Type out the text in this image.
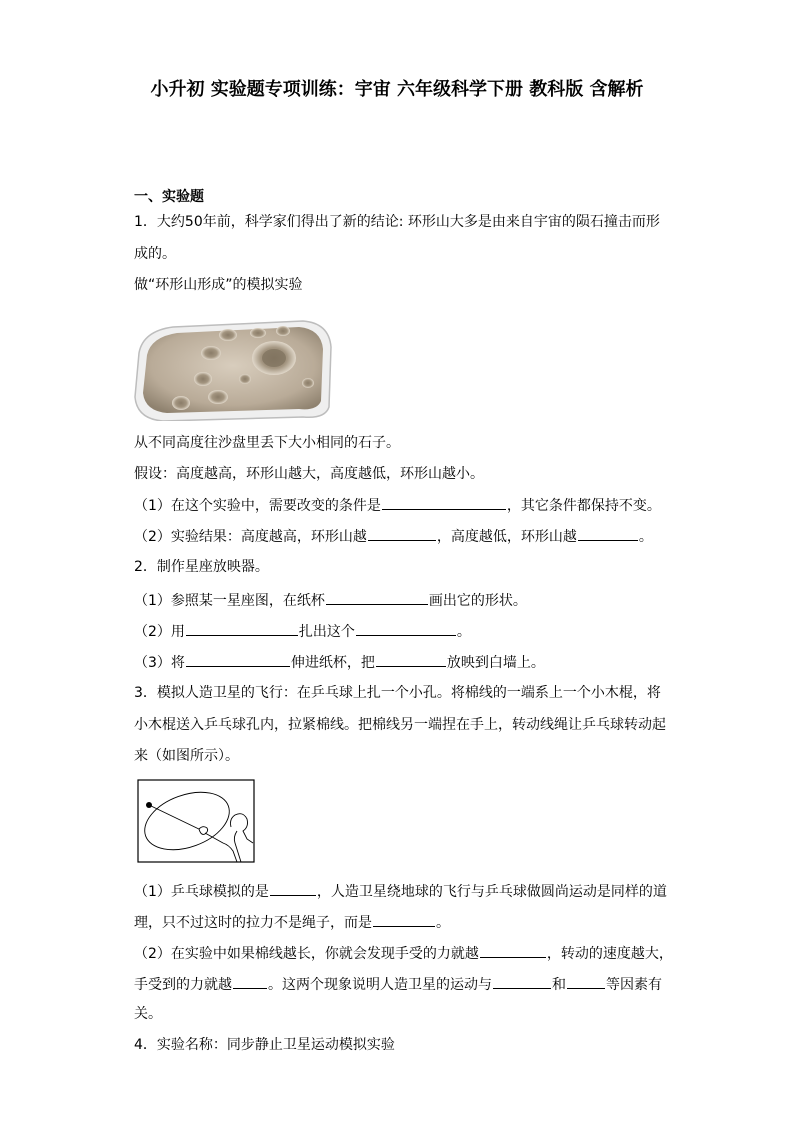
小升初 实验题专项训练：宇宙 六年级科学下册 教科版 含解析
一、实验题
1．大约50年前，科学家们得出了新的结论: 环形山大多是由来自宇宙的陨石撞击而形
成的。
做“环形山形成”的模拟实验
从不同高度往沙盘里丢下大小相同的石子。
假设：高度越高，环形山越大，高度越低，环形山越小。
（1）在这个实验中，需要改变的条件是	，其它条件都保持不变。
（2）实验结果：高度越高，环形山越	，高度越低，环形山越	。
2．制作星座放映器。
（1）参照某一星座图，在纸杯	画出它的形状。
（2）用	扎出这个	。
（3）将	伸进纸杯，把	放映到白墙上。
3．模拟人造卫星的飞行：在乒乓球上扎一个小孔。将棉线的一端系上一个小木棍，将
小木棍送入乒乓球孔内，拉紧棉线。把棉线另一端捏在手上，转动线绳让乒乓球转动起
来（如图所示）。
（1）乒乓球模拟的是	，人造卫星绕地球的飞行与乒乓球做圆尚运动是同样的道
理，只不过这时的拉力不是绳子，而是	。
（2）在实验中如果棉线越长，你就会发现手受的力就越	，转动的速度越大，
手受到的力就越	。这两个现象说明人造卫星的运动与	和	等因素有
关。
4．实验名称：同步静止卫星运动模拟实验
